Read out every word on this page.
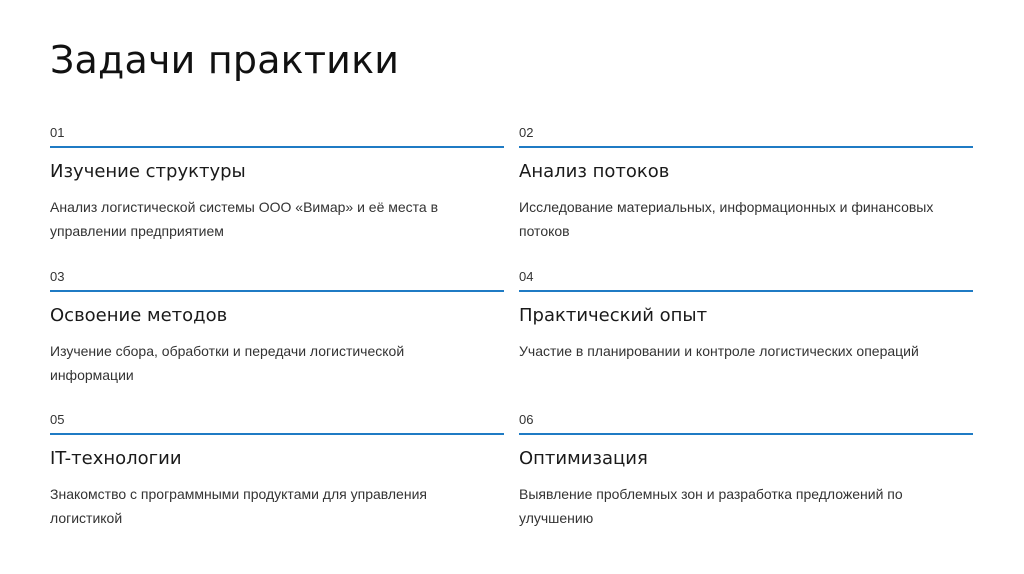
Задачи практики
01
Изучение структуры
Анализ логистической системы ООО «Вимар» и её места в управлении предприятием
02
Анализ потоков
Исследование материальных, информационных и финансовых потоков
03
Освоение методов
Изучение сбора, обработки и передачи логистической информации
04
Практический опыт
Участие в планировании и контроле логистических операций
05
IT-технологии
Знакомство с программными продуктами для управления логистикой
06
Оптимизация
Выявление проблемных зон и разработка предложений по улучшению
